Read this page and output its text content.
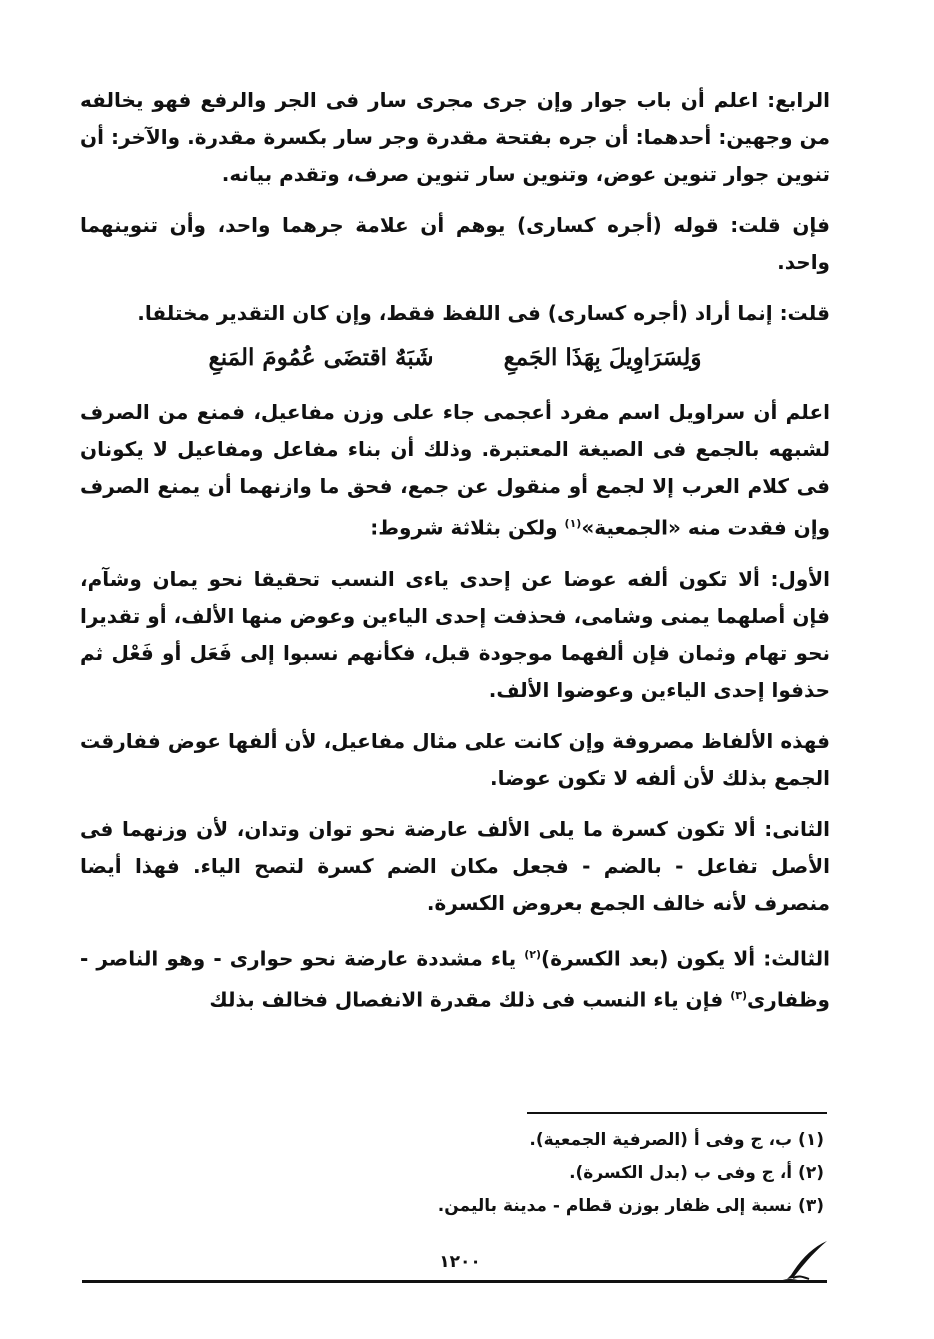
الرابع: اعلم أن باب جوار وإن جرى مجرى سار فى الجر والرفع فهو يخالفه من وجهين: أحدهما: أن جره بفتحة مقدرة وجر سار بكسرة مقدرة. والآخر: أن تنوين جوار تنوين عوض، وتنوين سار تنوين صرف، وتقدم بيانه.

فإن قلت: قوله (أجره كسارى) يوهم أن علامة جرهما واحد، وأن تنوينهما واحد.

قلت: إنما أراد (أجره كسارى) فى اللفظ فقط، وإن كان التقدير مختلفا.

وَلِسَرَاوِيلَ بِهَذَا الجَمعِ
شَبَهٌ اقتضَى عُمُومَ المَنعِ

اعلم أن سراويل اسم مفرد أعجمى جاء على وزن مفاعيل، فمنع من الصرف لشبهه بالجمع فى الصيغة المعتبرة. وذلك أن بناء مفاعل ومفاعيل لا يكونان فى كلام العرب إلا لجمع أو منقول عن جمع، فحق ما وازنهما أن يمنع الصرف وإن فقدت منه «الجمعية»$^{(١)}$ ولكن بثلاثة شروط:

الأول: ألا تكون ألفه عوضا عن إحدى ياءى النسب تحقيقا نحو يمان وشآم، فإن أصلهما يمنى وشامى، فحذفت إحدى الياءين وعوض منها الألف، أو تقديرا نحو تهام وثمان فإن ألفهما موجودة قبل، فكأنهم نسبوا إلى فَعَل أو فَعْل ثم حذفوا إحدى الياءين وعوضوا الألف.

فهذه الألفاظ مصروفة وإن كانت على مثال مفاعيل، لأن ألفها عوض ففارقت الجمع بذلك لأن ألفه لا تكون عوضا.

الثانى: ألا تكون كسرة ما يلى الألف عارضة نحو توان وتدان، لأن وزنهما فى الأصل تفاعل - بالضم - فجعل مكان الضم كسرة لتصح الياء. فهذا أيضا منصرف لأنه خالف الجمع بعروض الكسرة.

الثالث: ألا يكون (بعد الكسرة)$^{(٢)}$ ياء مشددة عارضة نحو حوارى - وهو الناصر - وظفارى$^{(٣)}$ فإن ياء النسب فى ذلك مقدرة الانفصال فخالف بذلك

(١) ب، ج وفى أ (الصرفية الجمعية).
(٢) أ، ج وفى ب (بدل الكسرة).
(٣) نسبة إلى ظفار بوزن قطام - مدينة باليمن.
١٢٠٠
